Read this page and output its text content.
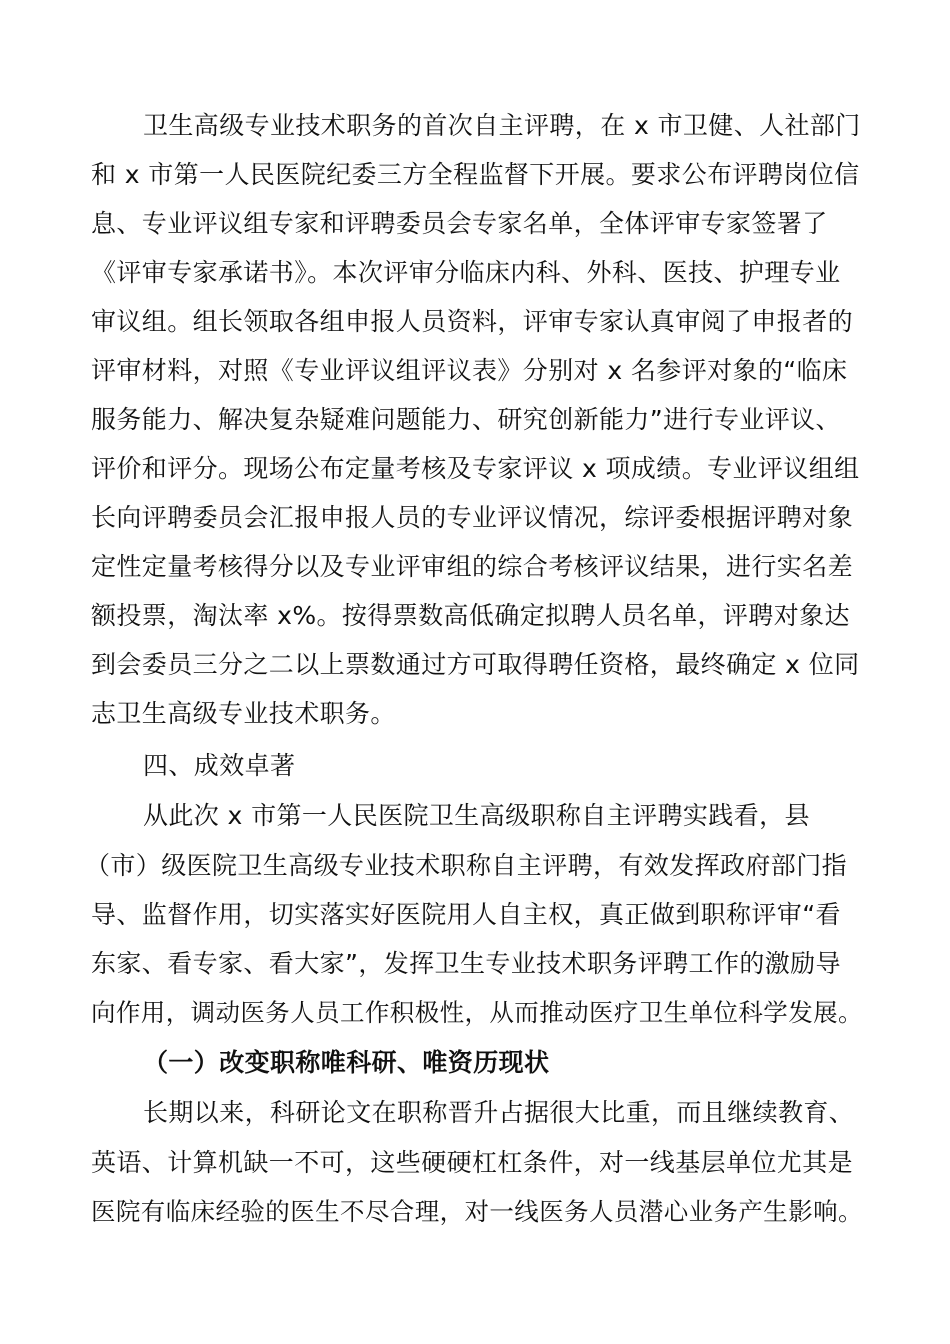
卫生高级专业技术职务的首次自主评聘，在 x 市卫健、人社部门
和 x 市第一人民医院纪委三方全程监督下开展。要求公布评聘岗位信
息、专业评议组专家和评聘委员会专家名单，全体评审专家签署了
《评审专家承诺书》。本次评审分临床内科、外科、医技、护理专业
审议组。组长领取各组申报人员资料，评审专家认真审阅了申报者的
评审材料，对照《专业评议组评议表》分别对 x 名参评对象的“临床
服务能力、解决复杂疑难问题能力、研究创新能力”进行专业评议、
评价和评分。现场公布定量考核及专家评议 x 项成绩。专业评议组组
长向评聘委员会汇报申报人员的专业评议情况，综评委根据评聘对象
定性定量考核得分以及专业评审组的综合考核评议结果，进行实名差
额投票，淘汰率 x%。按得票数高低确定拟聘人员名单，评聘对象达
到会委员三分之二以上票数通过方可取得聘任资格，最终确定 x 位同
志卫生高级专业技术职务。
四、成效卓著
从此次 x 市第一人民医院卫生高级职称自主评聘实践看，县
（市）级医院卫生高级专业技术职称自主评聘，有效发挥政府部门指
导、监督作用，切实落实好医院用人自主权，真正做到职称评审“看
东家、看专家、看大家”，发挥卫生专业技术职务评聘工作的激励导
向作用，调动医务人员工作积极性，从而推动医疗卫生单位科学发展。
（一）改变职称唯科研、唯资历现状
长期以来，科研论文在职称晋升占据很大比重，而且继续教育、
英语、计算机缺一不可，这些硬硬杠杠条件，对一线基层单位尤其是
医院有临床经验的医生不尽合理，对一线医务人员潜心业务产生影响。
